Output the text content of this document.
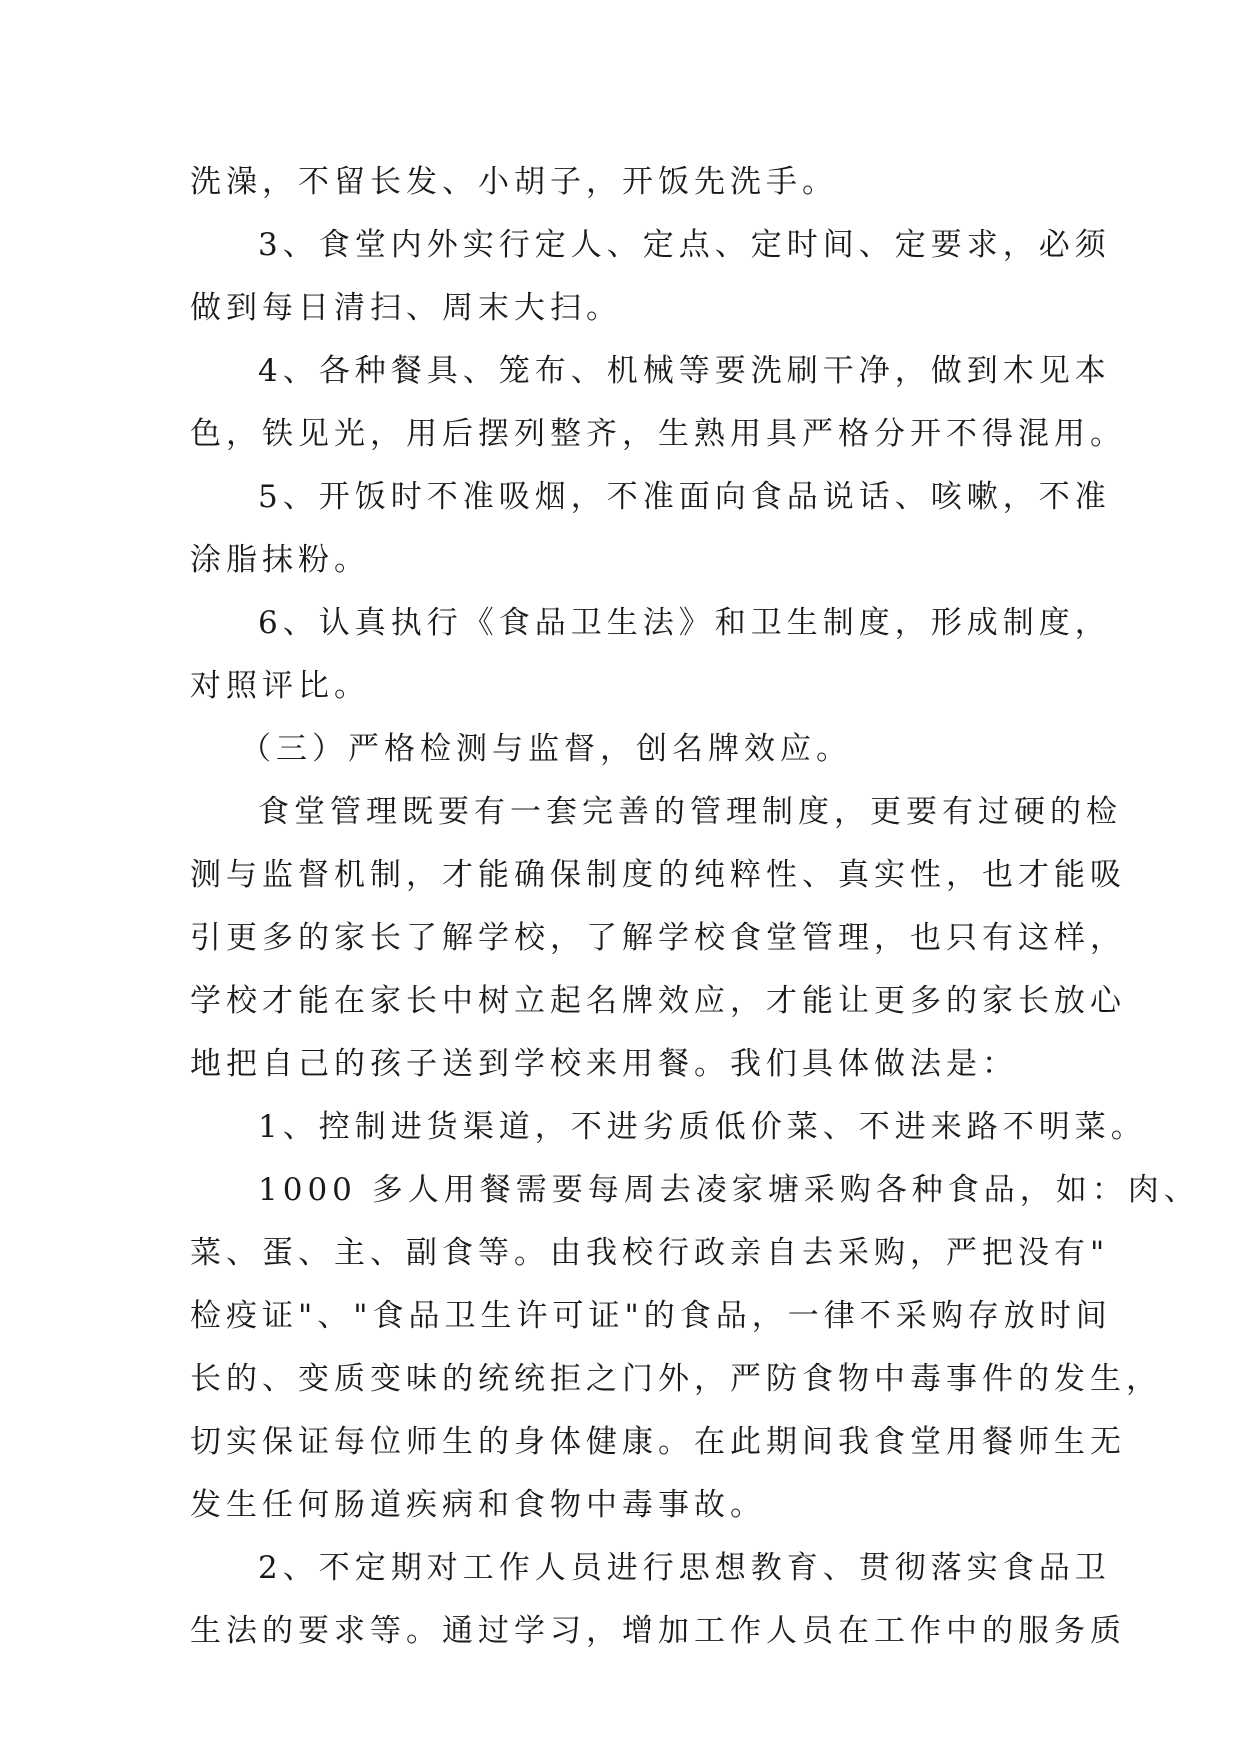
洗澡，不留长发、小胡子，开饭先洗手。
3、食堂内外实行定人、定点、定时间、定要求，必须
做到每日清扫、周末大扫。
4、各种餐具、笼布、机械等要洗刷干净，做到木见本
色，铁见光，用后摆列整齐，生熟用具严格分开不得混用。
5、开饭时不准吸烟，不准面向食品说话、咳嗽，不准
涂脂抹粉。
6、认真执行《食品卫生法》和卫生制度，形成制度，
对照评比。
（三）严格检测与监督，创名牌效应。
食堂管理既要有一套完善的管理制度，更要有过硬的检
测与监督机制，才能确保制度的纯粹性、真实性，也才能吸
引更多的家长了解学校，了解学校食堂管理，也只有这样，
学校才能在家长中树立起名牌效应，才能让更多的家长放心
地把自己的孩子送到学校来用餐。我们具体做法是：
1、控制进货渠道，不进劣质低价菜、不进来路不明菜。
1000 多人用餐需要每周去凌家塘采购各种食品，如：肉、
菜、蛋、主、副食等。由我校行政亲自去采购，严把没有"
检疫证"、"食品卫生许可证"的食品，一律不采购存放时间
长的、变质变味的统统拒之门外，严防食物中毒事件的发生，
切实保证每位师生的身体健康。在此期间我食堂用餐师生无
发生任何肠道疾病和食物中毒事故。
2、不定期对工作人员进行思想教育、贯彻落实食品卫
生法的要求等。通过学习，增加工作人员在工作中的服务质
